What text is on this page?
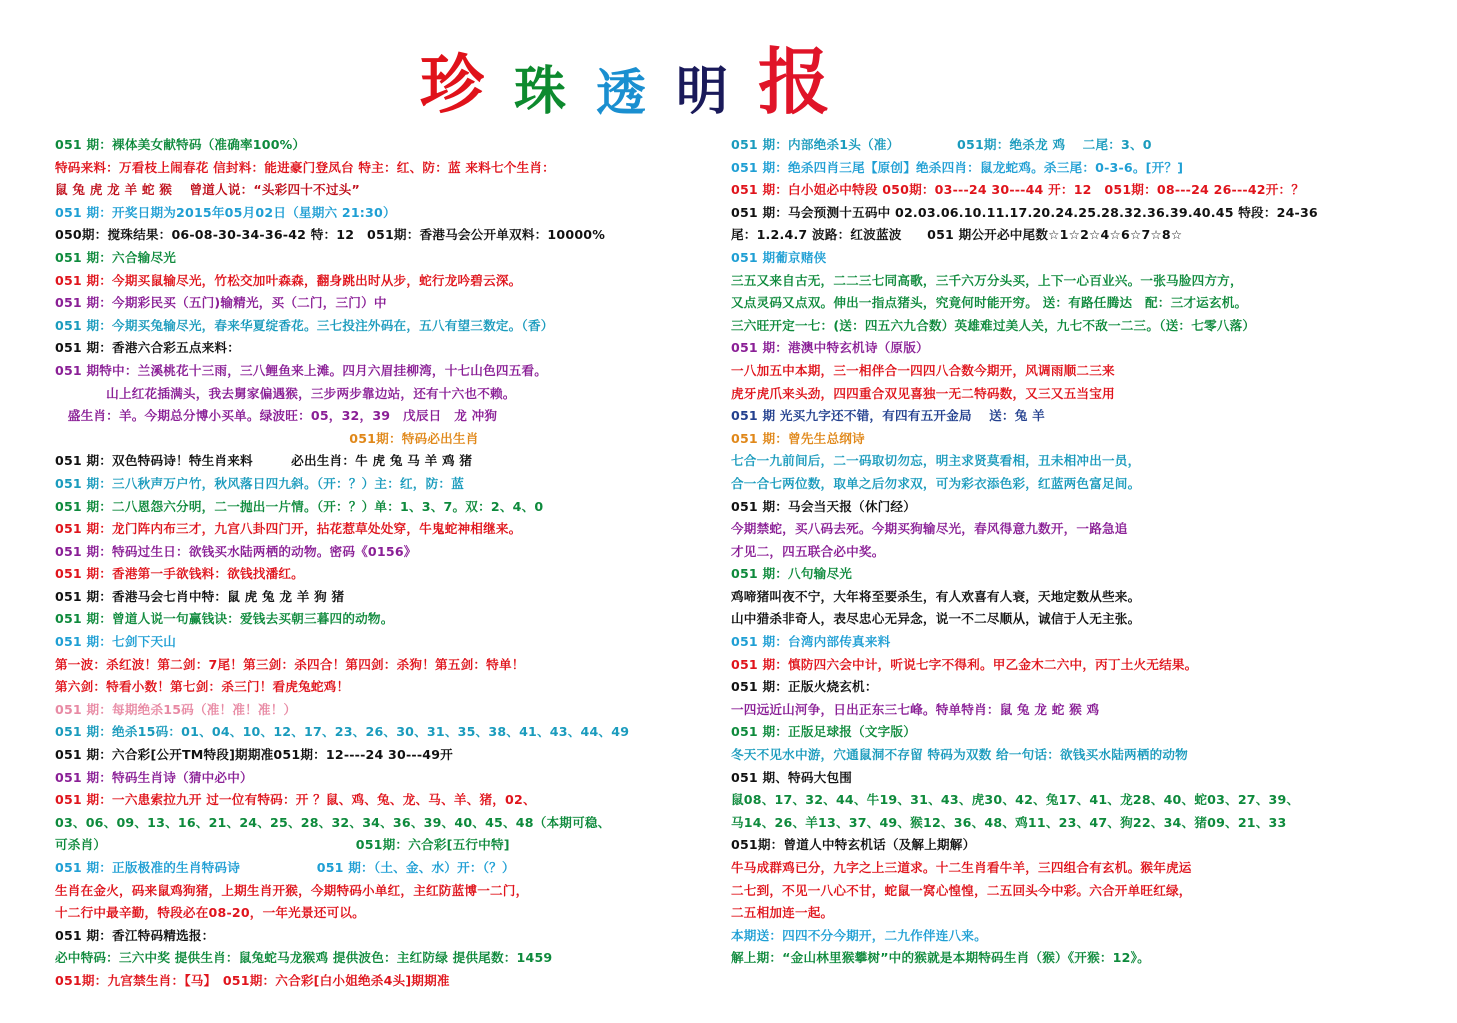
珍 珠 透 明 报
051 期：裸体美女献特码（准确率100%）
特码来料：万看枝上闹春花 信封料：能进豪门登凤台 特主：红、防：蓝 来料七个生肖：
鼠 兔 虎 龙 羊 蛇 猴　 曾道人说：“头彩四十不过头”
051 期：开奖日期为2015年05月02日（星期六 21:30）
050期：搅珠结果：06-08-30-34-36-42 特：12　051期：香港马会公开单双料：10000%
051 期：六合输尽光
051 期：今期买鼠输尽光，竹松交加叶森森，翻身跳出时从步，蛇行龙吟碧云深。
051 期：今期彩民买（五门)输精光，买（二门，三门）中
051 期：今期买兔输尽光，春来华夏绽香花。三七投注外码在，五八有望三数定。（香）
051 期：香港六合彩五点来料：
051 期特中：兰溪桃花十三雨，三八鲤鱼来上滩。四月六眉挂柳湾，十七山色四五看。
　　　　山上红花插满头，我去舅家偏遇猴，三步两步靠边站，还有十六也不赖。
　盛生肖：羊。今期总分博小买单。绿波旺：05，32，39　戊辰日　龙 冲狗
　　　　　　　　　　　　　　　　　　　　　　　051期：特码必出生肖
051 期：双色特码诗！特生肖来料　　　必出生肖：牛 虎 兔 马 羊 鸡 猪
051 期：三八秋声万户竹，秋风落日四九斜。（开：？）主：红，防：蓝
051 期：二八恩怨六分明，二一抛出一片情。（开：？）单：1、3、7。双：2、4、0
051 期：龙门阵内布三才，九宫八卦四门开，拈花惹草处处穿，牛鬼蛇神相继来。
051 期：特码过生日：欲钱买水陆两栖的动物。密码《0156》
051 期：香港第一手欲钱料：欲钱找潘红。
051 期：香港马会七肖中特：鼠 虎 兔 龙 羊 狗 猪
051 期：曾道人说一句赢钱诀：爱钱去买朝三暮四的动物。
051 期：七剑下天山
第一波：杀红波！第二剑：7尾！第三剑：杀四合！第四剑：杀狗！第五剑：特单！
第六剑：特看小数！第七剑：杀三门！看虎兔蛇鸡！
051 期：每期绝杀15码（准！准！准！）
051 期：绝杀15码：01、04、10、12、17、23、26、30、31、35、38、41、43、44、49
051 期：六合彩[公开TM特段]期期准051期：12----24 30---49开
051 期：特码生肖诗（猜中必中）
051 期：一六患索拉九开 过一位有特码：开 ？鼠、鸡、兔、龙、马、羊、猪，02、
03、06、09、13、16、21、24、25、28、32、34、36、39、40、45、48（本期可稳、
可杀肖）　　　　　　　　　　　　　　　　　　　　051期：六合彩[五行中特]
051 期：正版极准的生肖特码诗　　　　　　051 期：（土、金、水）开：（？）
生肖在金火，码来鼠鸡狗猪，上期生肖开猴，今期特码小单红，主红防蓝博一二门，
十二行中最辛勤，特段必在08-20，一年光景还可以。
051 期：香江特码精选报：
必中特码：三六中奖 提供生肖：鼠兔蛇马龙猴鸡 提供波色：主红防绿 提供尾数：1459
051期：九宫禁生肖：【马】　051期：六合彩[白小姐绝杀4头]期期准
051 期：内部绝杀1头（准）　　　　　051期：绝杀龙 鸡　 二尾：3、0
051 期：绝杀四肖三尾【原创】绝杀四肖：鼠龙蛇鸡。杀三尾：0-3-6。[开？]
051 期：白小姐必中特段 050期：03---24 30---44 开：12　051期：08---24 26---42开：？
051 期：马会预测十五码中 02.03.06.10.11.17.20.24.25.28.32.36.39.40.45 特段：24-36
尾：1.2.4.7 波路：红波蓝波　　051 期公开必中尾数☆1☆2☆4☆6☆7☆8☆
051 期葡京赌侠
三五又来自古无，二二三七同高歌，三千六万分头买，上下一心百业兴。一张马脸四方方，
又点灵码又点双。伸出一指点猪头，究竟何时能开穷。 送：有路任腾达　配：三才运玄机。
三六旺开定一七：(送：四五六九合数）英雄难过美人关，九七不敌一二三。（送：七零八落）
051 期：港澳中特玄机诗（原版）
一八加五中本期，三一相伴合一四四八合数今期开，风调雨顺二三来
虎牙虎爪来头劲，四四重合双见喜独一无二特码数，又三又五当宝用
051 期 光买九字还不错，有四有五开金局　 送：兔 羊
051 期：曾先生总纲诗
七合一九前间后，二一码取切勿忘，明主求贤莫看相，丑未相冲出一员，
合一合七两位数，取单之后勿求双，可为彩衣添色彩，红蓝两色富足间。
051 期：马会当天报（休门经）
今期禁蛇，买八码去死。今期买狗输尽光，春风得意九数开，一路急追
才见二，四五联合必中奖。
051 期：八句输尽光
鸡啼猪叫夜不宁，大年将至要杀生，有人欢喜有人衰，天地定数从些来。
山中猎杀非奇人，表尽忠心无异念，说一不二尽顺从，诚信于人无主张。
051 期：台湾内部传真来料
051 期：慎防四六会中计，听说七字不得利。甲乙金木二六中，丙丁土火无结果。
051 期：正版火烧玄机：
一四远近山河争，日出正东三七峰。特单特肖：鼠 兔 龙 蛇 猴 鸡
051 期：正版足球报（文字版）
冬天不见水中游，穴通鼠洞不存留 特码为双数 给一句话：欲钱买水陆两栖的动物
051 期、特码大包围
鼠08、17、32、44、牛19、31、43、虎30、42、兔17、41、龙28、40、蛇03、27、39、
马14、26、羊13、37、49、猴12、36、48、鸡11、23、47、狗22、34、猪09、21、33
051期：曾道人中特玄机话（及解上期解）
牛马成群鸡已分，九字之上三道求。十二生肖看牛羊，三四组合有玄机。猴年虎运
二七到，不见一八心不甘，蛇鼠一窝心惶惶，二五回头今中彩。六合开单旺红绿，
二五相加连一起。
本期送：四四不分今期开，二九作伴连八来。
解上期：“金山林里猴攀树”中的猴就是本期特码生肖（猴）《开猴：12》。
